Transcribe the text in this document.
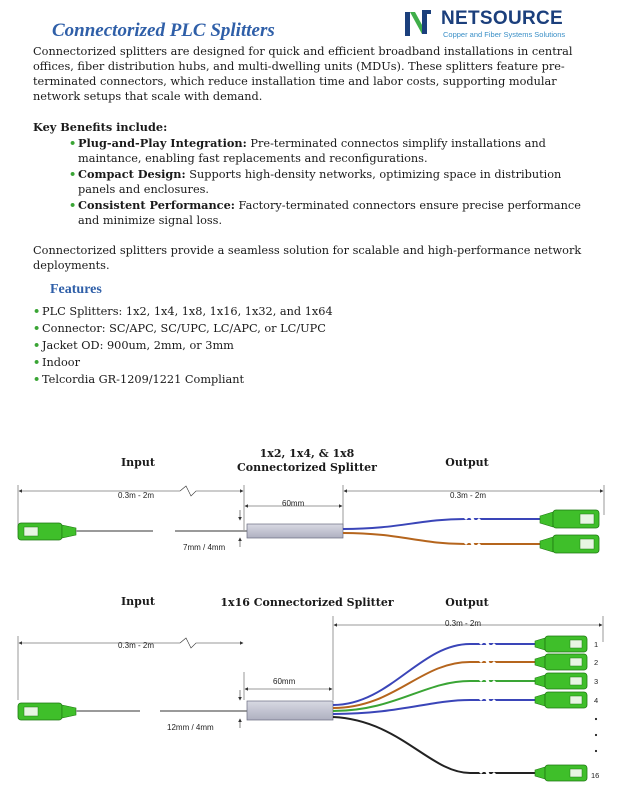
Connectorized PLC Splitters
NETSOURCE
Copper and Fiber Systems Solutions
Connectorized splitters are designed for quick and efficient broadband installations in central offices, fiber distribution hubs, and multi-dwelling units (MDUs). These splitters feature pre-terminated connectors, which reduce installation time and labor costs, supporting modular network setups that scale with demand.
Key Benefits include:
• Plug-and-Play Integration: Pre-terminated connectos simplify installations and maintance, enabling fast replacements and reconfigurations.
• Compact Design: Supports high-density networks, optimizing space in distribution panels and enclosures.
• Consistent Performance: Factory-terminated connectors ensure precise performance and minimize signal loss.
Connectorized splitters provide a seamless solution for scalable and high-performance network deployments.
Features
• PLC Splitters: 1x2, 1x4, 1x8, 1x16, 1x32, and 1x64
• Connector: SC/APC, SC/UPC, LC/APC, or LC/UPC
• Jacket OD: 900um, 2mm, or 3mm
• Indoor
• Telcordia GR-1209/1221 Compliant
Input
1x2, 1x4, & 1x8
Connectorized Splitter	Output
0.3m - 2m
60mm
0.3m - 2m
7mm / 4mm
Input	1x16 Connectorized Splitter	Output
0.3m - 2m
60mm
0.3m - 2m
12mm / 4mm
1
2
3
4
16
